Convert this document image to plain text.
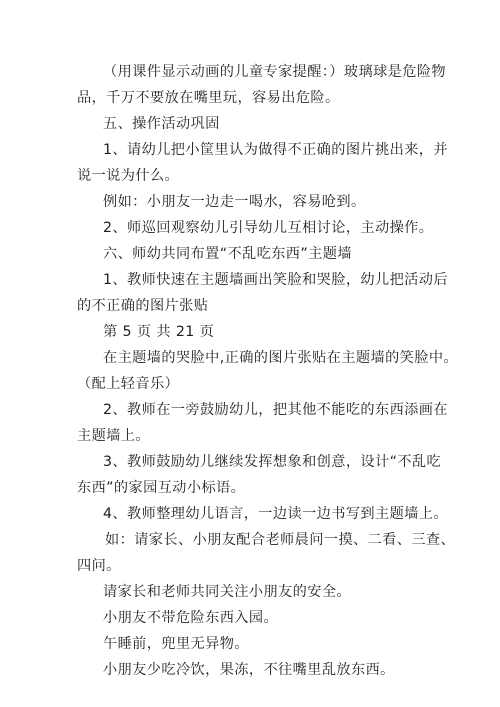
（用课件显示动画的儿童专家提醒：）玻璃球是危险物
品，千万不要放在嘴里玩，容易出危险。
五、操作活动巩固
1、请幼儿把小筐里认为做得不正确的图片挑出来，并
说一说为什么。
例如：小朋友一边走一喝水，容易呛到。
2、师巡回观察幼儿引导幼儿互相讨论，主动操作。
六、师幼共同布置“不乱吃东西”主题墙
1、教师快速在主题墙画出笑脸和哭脸，幼儿把活动后
的不正确的图片张贴
第 5 页 共 21 页
在主题墙的哭脸中,正确的图片张贴在主题墙的笑脸中。
（配上轻音乐）
2、教师在一旁鼓励幼儿，把其他不能吃的东西添画在
主题墙上。
3、教师鼓励幼儿继续发挥想象和创意，设计“不乱吃
东西”的家园互动小标语。
4、教师整理幼儿语言，一边读一边书写到主题墙上。
如：请家长、小朋友配合老师晨问一摸、二看、三查、
四问。
请家长和老师共同关注小朋友的安全。
小朋友不带危险东西入园。
午睡前，兜里无异物。
小朋友少吃冷饮，果冻，不往嘴里乱放东西。
